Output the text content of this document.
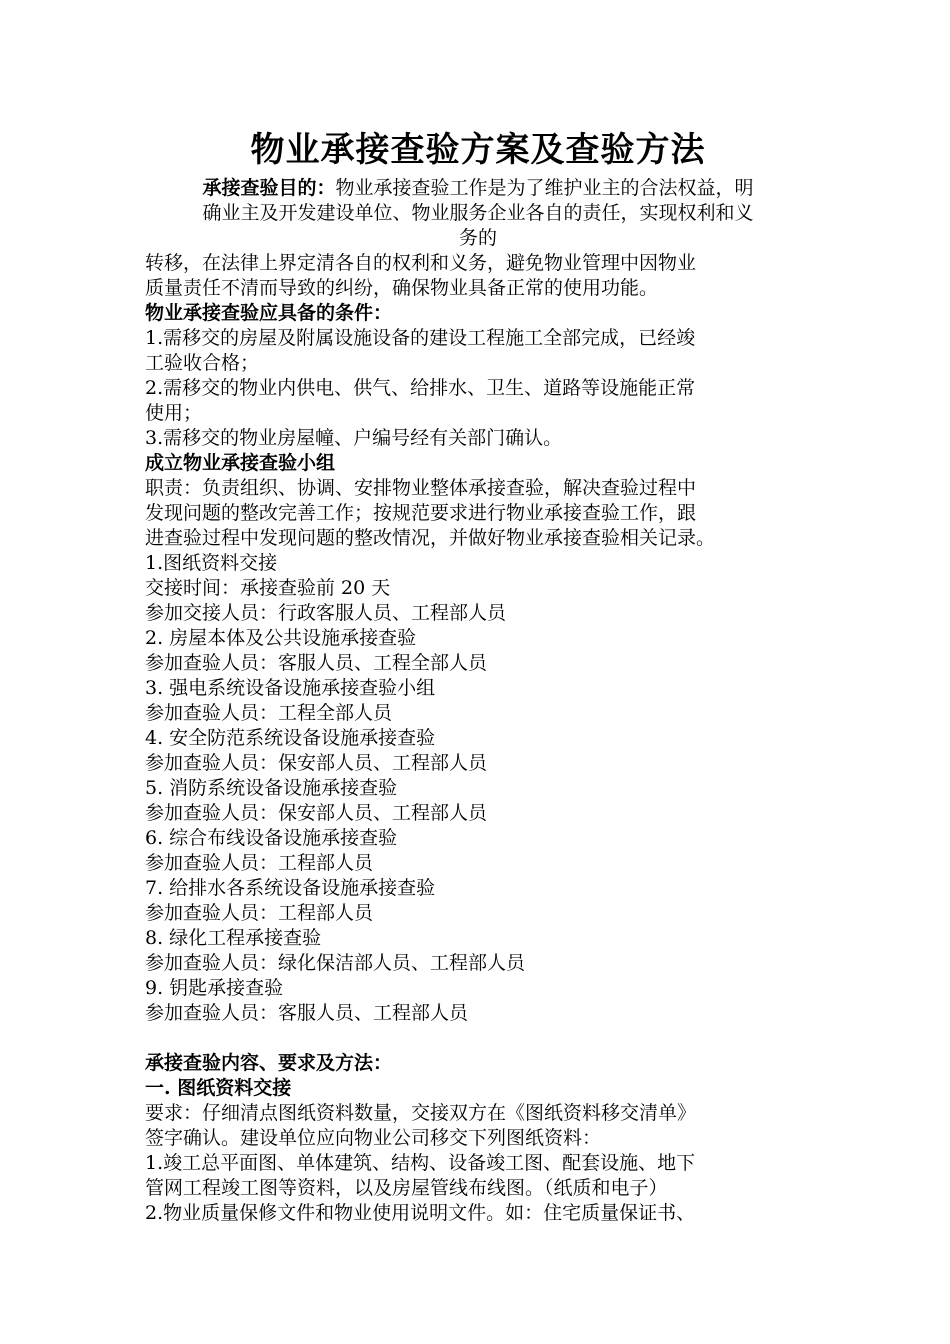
物业承接查验方案及查验方法

承接查验目的：物业承接查验工作是为了维护业主的合法权益，明
确业主及开发建设单位、物业服务企业各自的责任，实现权利和义
务的

转移，在法律上界定清各自的权利和义务，避免物业管理中因物业

质量责任不清而导致的纠纷，确保物业具备正常的使用功能。

物业承接查验应具备的条件：

1.需移交的房屋及附属设施设备的建设工程施工全部完成，已经竣

工验收合格；

2.需移交的物业内供电、供气、给排水、卫生、道路等设施能正常

使用；

3.需移交的物业房屋幢、户编号经有关部门确认。

成立物业承接查验小组

职责：负责组织、协调、安排物业整体承接查验，解决查验过程中

发现问题的整改完善工作；按规范要求进行物业承接查验工作，跟

进查验过程中发现问题的整改情况，并做好物业承接查验相关记录。

1.图纸资料交接

交接时间：承接查验前 20 天

参加交接人员：行政客服人员、工程部人员

2. 房屋本体及公共设施承接查验

参加查验人员：客服人员、工程全部人员

3. 强电系统设备设施承接查验小组

参加查验人员：工程全部人员

4. 安全防范系统设备设施承接查验

参加查验人员：保安部人员、工程部人员

5. 消防系统设备设施承接查验

参加查验人员：保安部人员、工程部人员

6. 综合布线设备设施承接查验

参加查验人员：工程部人员

7. 给排水各系统设备设施承接查验

参加查验人员：工程部人员

8. 绿化工程承接查验

参加查验人员：绿化保洁部人员、工程部人员

9. 钥匙承接查验

参加查验人员：客服人员、工程部人员

承接查验内容、要求及方法：

一. 图纸资料交接

要求：仔细清点图纸资料数量，交接双方在《图纸资料移交清单》

签字确认。建设单位应向物业公司移交下列图纸资料：

1.竣工总平面图、单体建筑、结构、设备竣工图、配套设施、地下

管网工程竣工图等资料，以及房屋管线布线图。（纸质和电子）

2.物业质量保修文件和物业使用说明文件。如：住宅质量保证书、
